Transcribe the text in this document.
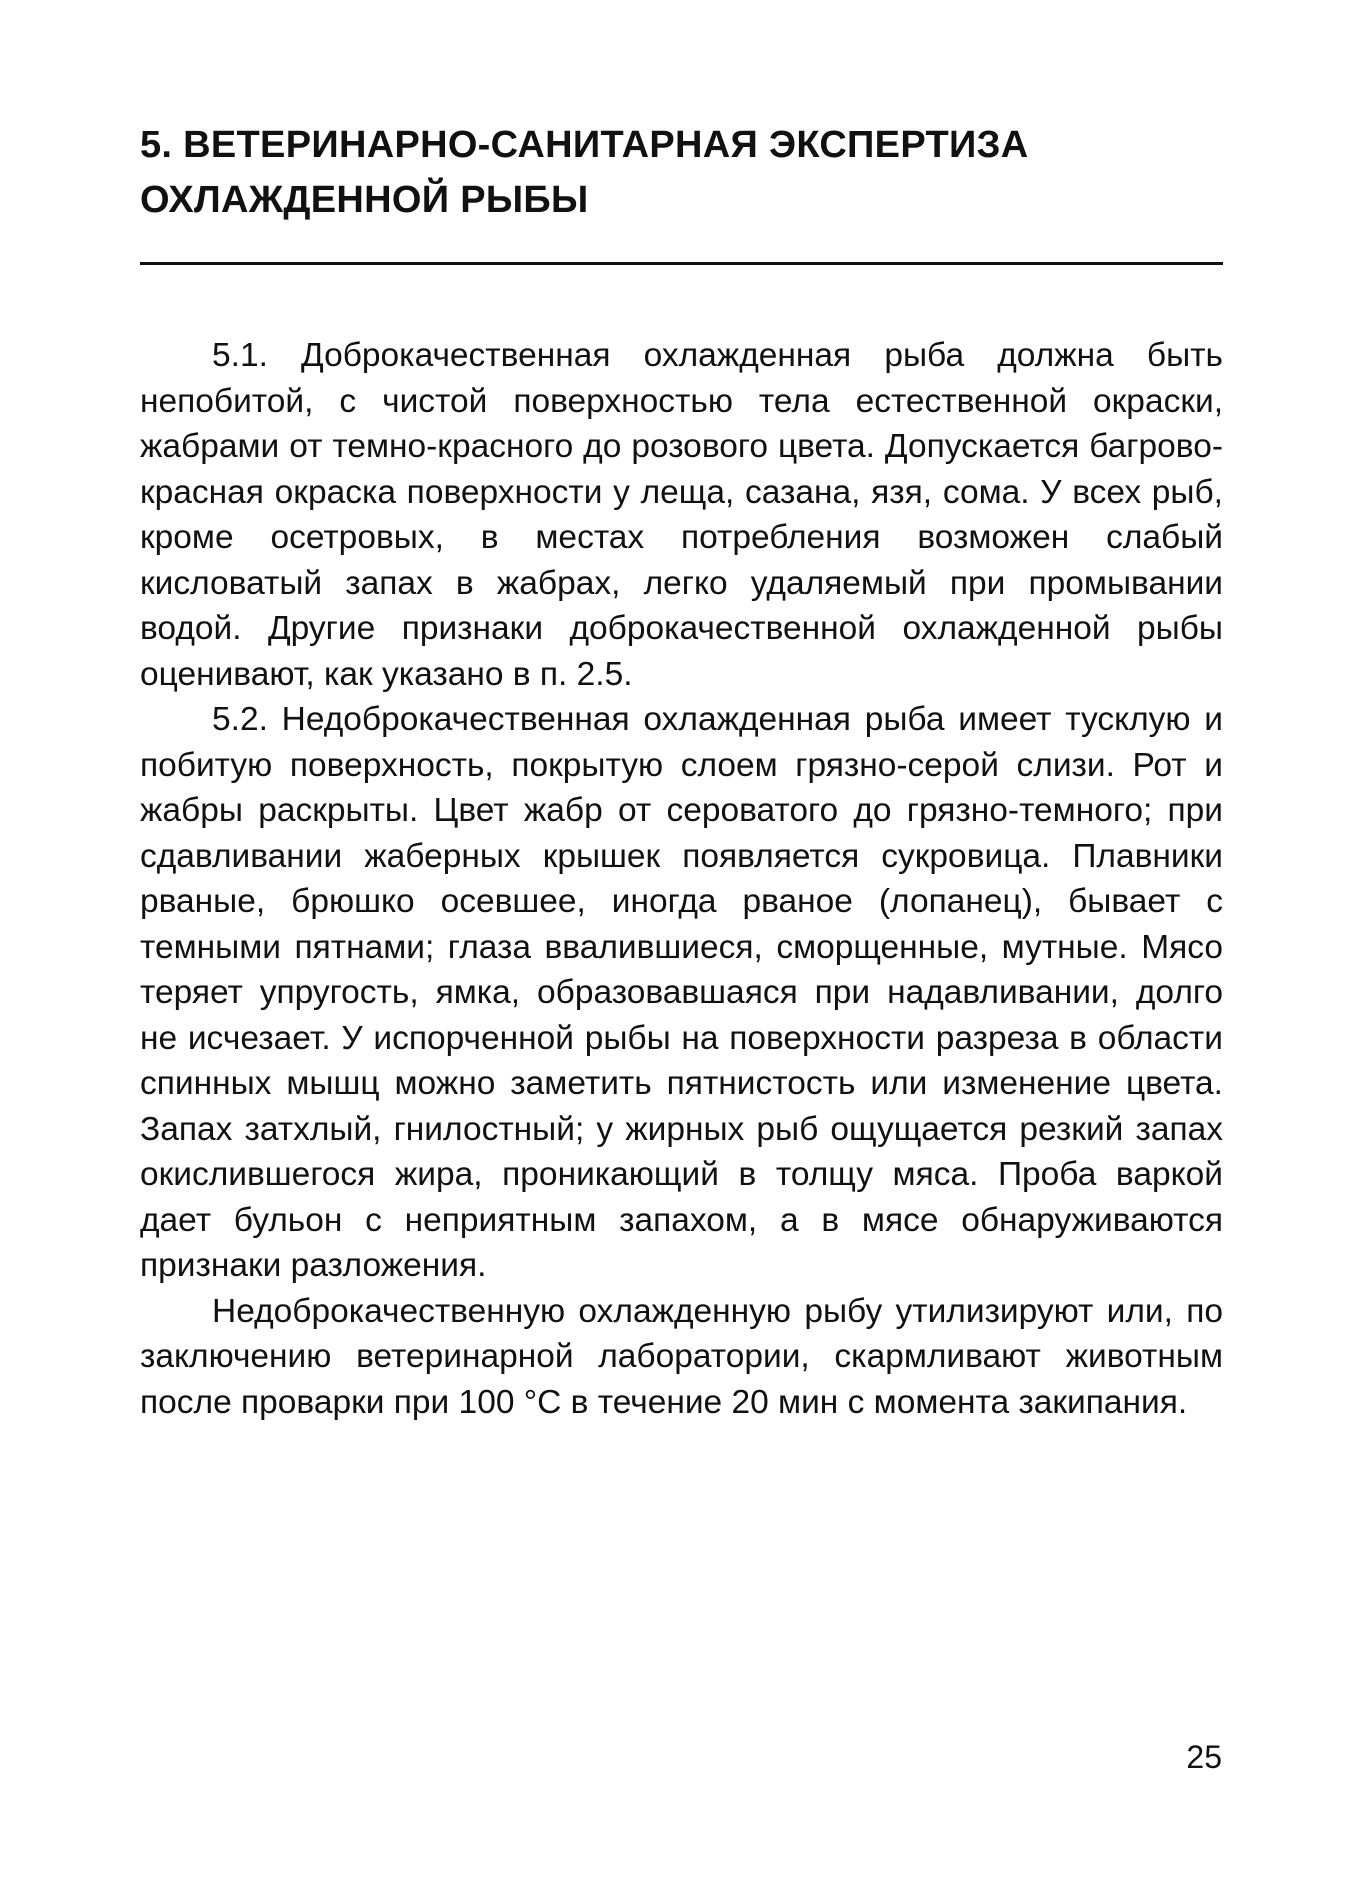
5. ВЕТЕРИНАРНО-САНИТАРНАЯ ЭКСПЕРТИЗА
ОХЛАЖДЕННОЙ РЫБЫ

5.1. Доброкачественная охлажденная рыба должна быть непобитой, с чистой поверхностью тела естественной окраски, жабрами от темно-красного до розового цвета. Допускается багрово-красная окраска поверхности у леща, сазана, язя, сома. У всех рыб, кроме осетровых, в местах потребления возможен слабый кисловатый запах в жабрах, легко удаляемый при промывании водой. Другие признаки доброкачественной охлажденной рыбы оценивают, как указано в п. 2.5.

5.2. Недоброкачественная охлажденная рыба имеет тусклую и побитую поверхность, покрытую слоем грязно-серой слизи. Рот и жабры раскрыты. Цвет жабр от сероватого до грязно-темного; при сдавливании жаберных крышек появляется сукровица. Плавники рваные, брюшко осевшее, иногда рваное (лопанец), бывает с темными пятнами; глаза ввалившиеся, сморщенные, мутные. Мясо теряет упругость, ямка, образовавшаяся при надавливании, долго не исчезает. У испорченной рыбы на поверхности разреза в области спинных мышц можно заметить пятнистость или изменение цвета. Запах затхлый, гнилостный; у жирных рыб ощущается резкий запах окислившегося жира, проникающий в толщу мяса. Проба варкой дает бульон с неприятным запахом, а в мясе обнаруживаются признаки разложения.

Недоброкачественную охлажденную рыбу утилизируют или, по заключению ветеринарной лаборатории, скармливают животным после проварки при 100 °С в течение 20 мин с момента закипания.

25
